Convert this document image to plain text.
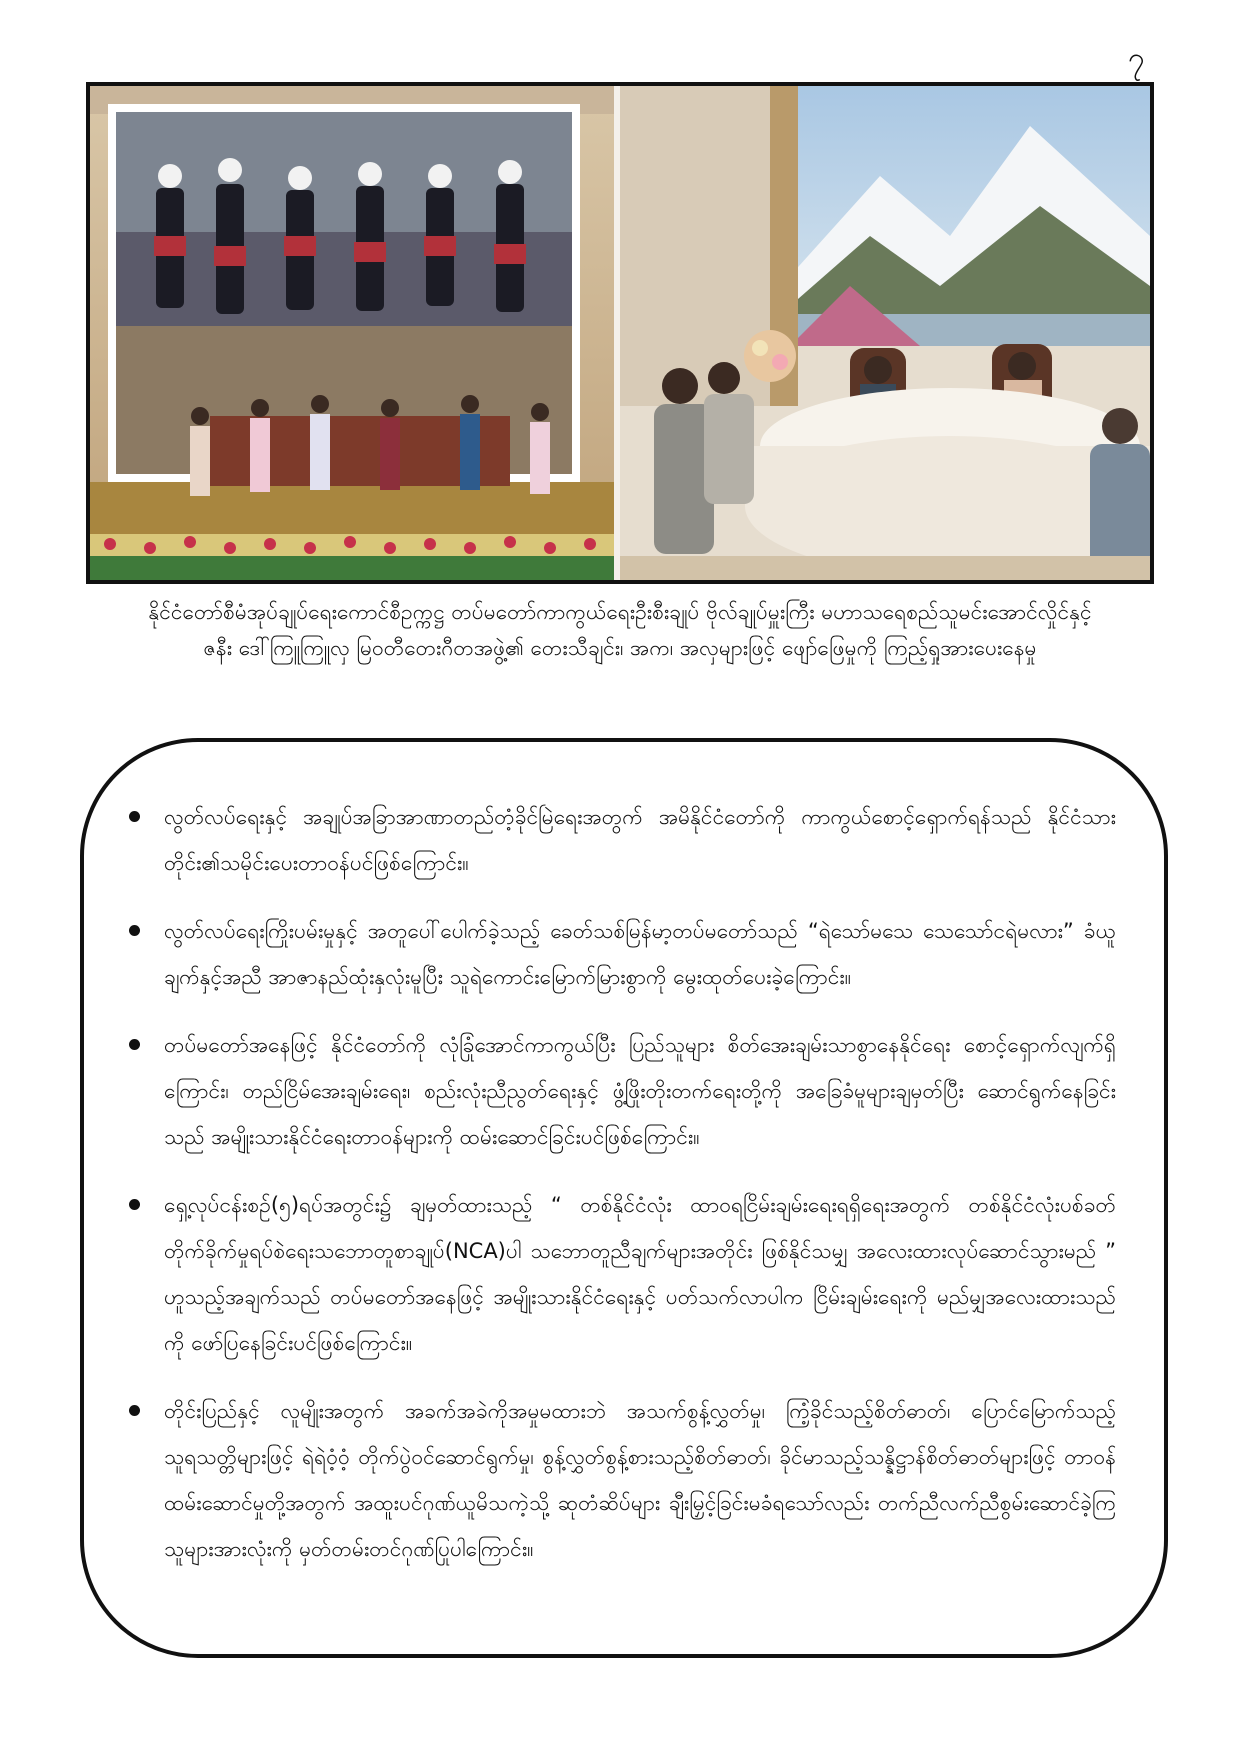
၇

နိုင်ငံတော်စီမံအုပ်ချုပ်ရေးကောင်စီဥက္ကဋ္ဌ တပ်မတော်ကာကွယ်ရေးဦးစီးချုပ် ဗိုလ်ချုပ်မှူးကြီး မဟာသရေစည်သူမင်းအောင်လှိုင်နှင့်

ဇနီး ဒေါ်ကြူကြူလှ မြဝတီတေးဂီတအဖွဲ့၏ တေးသီချင်း၊ အက၊ အလှများဖြင့် ဖျော်ဖြေမှုကို ကြည့်ရှုအားပေးနေမှု

လွတ်လပ်ရေးနှင့် အချုပ်အခြာအာဏာတည်တံ့ခိုင်မြဲရေးအတွက် အမိနိုင်ငံတော်ကို ကာကွယ်စောင့်ရှောက်ရန်သည် နိုင်ငံသားတိုင်း၏သမိုင်းပေးတာဝန်ပင်ဖြစ်ကြောင်း။
လွတ်လပ်ရေးကြိုးပမ်းမှုနှင့် အတူပေါ်ပေါက်ခဲ့သည့် ခေတ်သစ်မြန်မာ့တပ်မတော်သည် “ရဲသော်မသေ သေသော်ငရဲမလား” ခံယူချက်နှင့်အညီ အာဇာနည်ထုံးနှလုံးမူပြီး သူရဲကောင်းမြောက်မြားစွာကို မွေးထုတ်ပေးခဲ့ကြောင်း။
တပ်မတော်အနေဖြင့် နိုင်ငံတော်ကို လုံခြုံအောင်ကာကွယ်ပြီး ပြည်သူများ စိတ်အေးချမ်းသာစွာနေနိုင်ရေး စောင့်ရှောက်လျက်ရှိကြောင်း၊ တည်ငြိမ်အေးချမ်းရေး၊ စည်းလုံးညီညွတ်ရေးနှင့် ဖွံ့ဖြိုးတိုးတက်ရေးတို့ကို အခြေခံမူများချမှတ်ပြီး ဆောင်ရွက်နေခြင်းသည် အမျိုးသားနိုင်ငံရေးတာဝန်များကို ထမ်းဆောင်ခြင်းပင်ဖြစ်ကြောင်း။
ရှေ့လုပ်ငန်းစဉ်(၅)ရပ်အတွင်း၌ ချမှတ်ထားသည့် “ တစ်နိုင်ငံလုံး ထာဝရငြိမ်းချမ်းရေးရရှိရေးအတွက် တစ်နိုင်ငံလုံးပစ်ခတ်တိုက်ခိုက်မှုရပ်စဲရေးသဘောတူစာချုပ်(NCA)ပါ သဘောတူညီချက်များအတိုင်း ဖြစ်နိုင်သမျှ အလေးထားလုပ်ဆောင်သွားမည် ” ဟူသည့်အချက်သည် တပ်မတော်အနေဖြင့် အမျိုးသားနိုင်ငံရေးနှင့် ပတ်သက်လာပါက ငြိမ်းချမ်းရေးကို မည်မျှအလေးထားသည်ကို ဖော်ပြနေခြင်းပင်ဖြစ်ကြောင်း။
တိုင်းပြည်နှင့် လူမျိုးအတွက် အခက်အခဲကိုအမှုမထားဘဲ အသက်စွန့်လွှတ်မှု၊ ကြံ့ခိုင်သည့်စိတ်ဓာတ်၊ ပြောင်မြောက်သည့်သူရသတ္တိများဖြင့် ရဲရဲဝံ့ဝံ့ တိုက်ပွဲဝင်ဆောင်ရွက်မှု၊ စွန့်လွှတ်စွန့်စားသည့်စိတ်ဓာတ်၊ ခိုင်မာသည့်သန္နိဋ္ဌာန်စိတ်ဓာတ်များဖြင့် တာဝန်ထမ်းဆောင်မှုတို့အတွက် အထူးပင်ဂုဏ်ယူမိသကဲ့သို့ ဆုတံဆိပ်များ ချီးမြှင့်ခြင်းမခံရသော်လည်း တက်ညီလက်ညီစွမ်းဆောင်ခဲ့ကြသူများအားလုံးကို မှတ်တမ်းတင်ဂုဏ်ပြုပါကြောင်း။
